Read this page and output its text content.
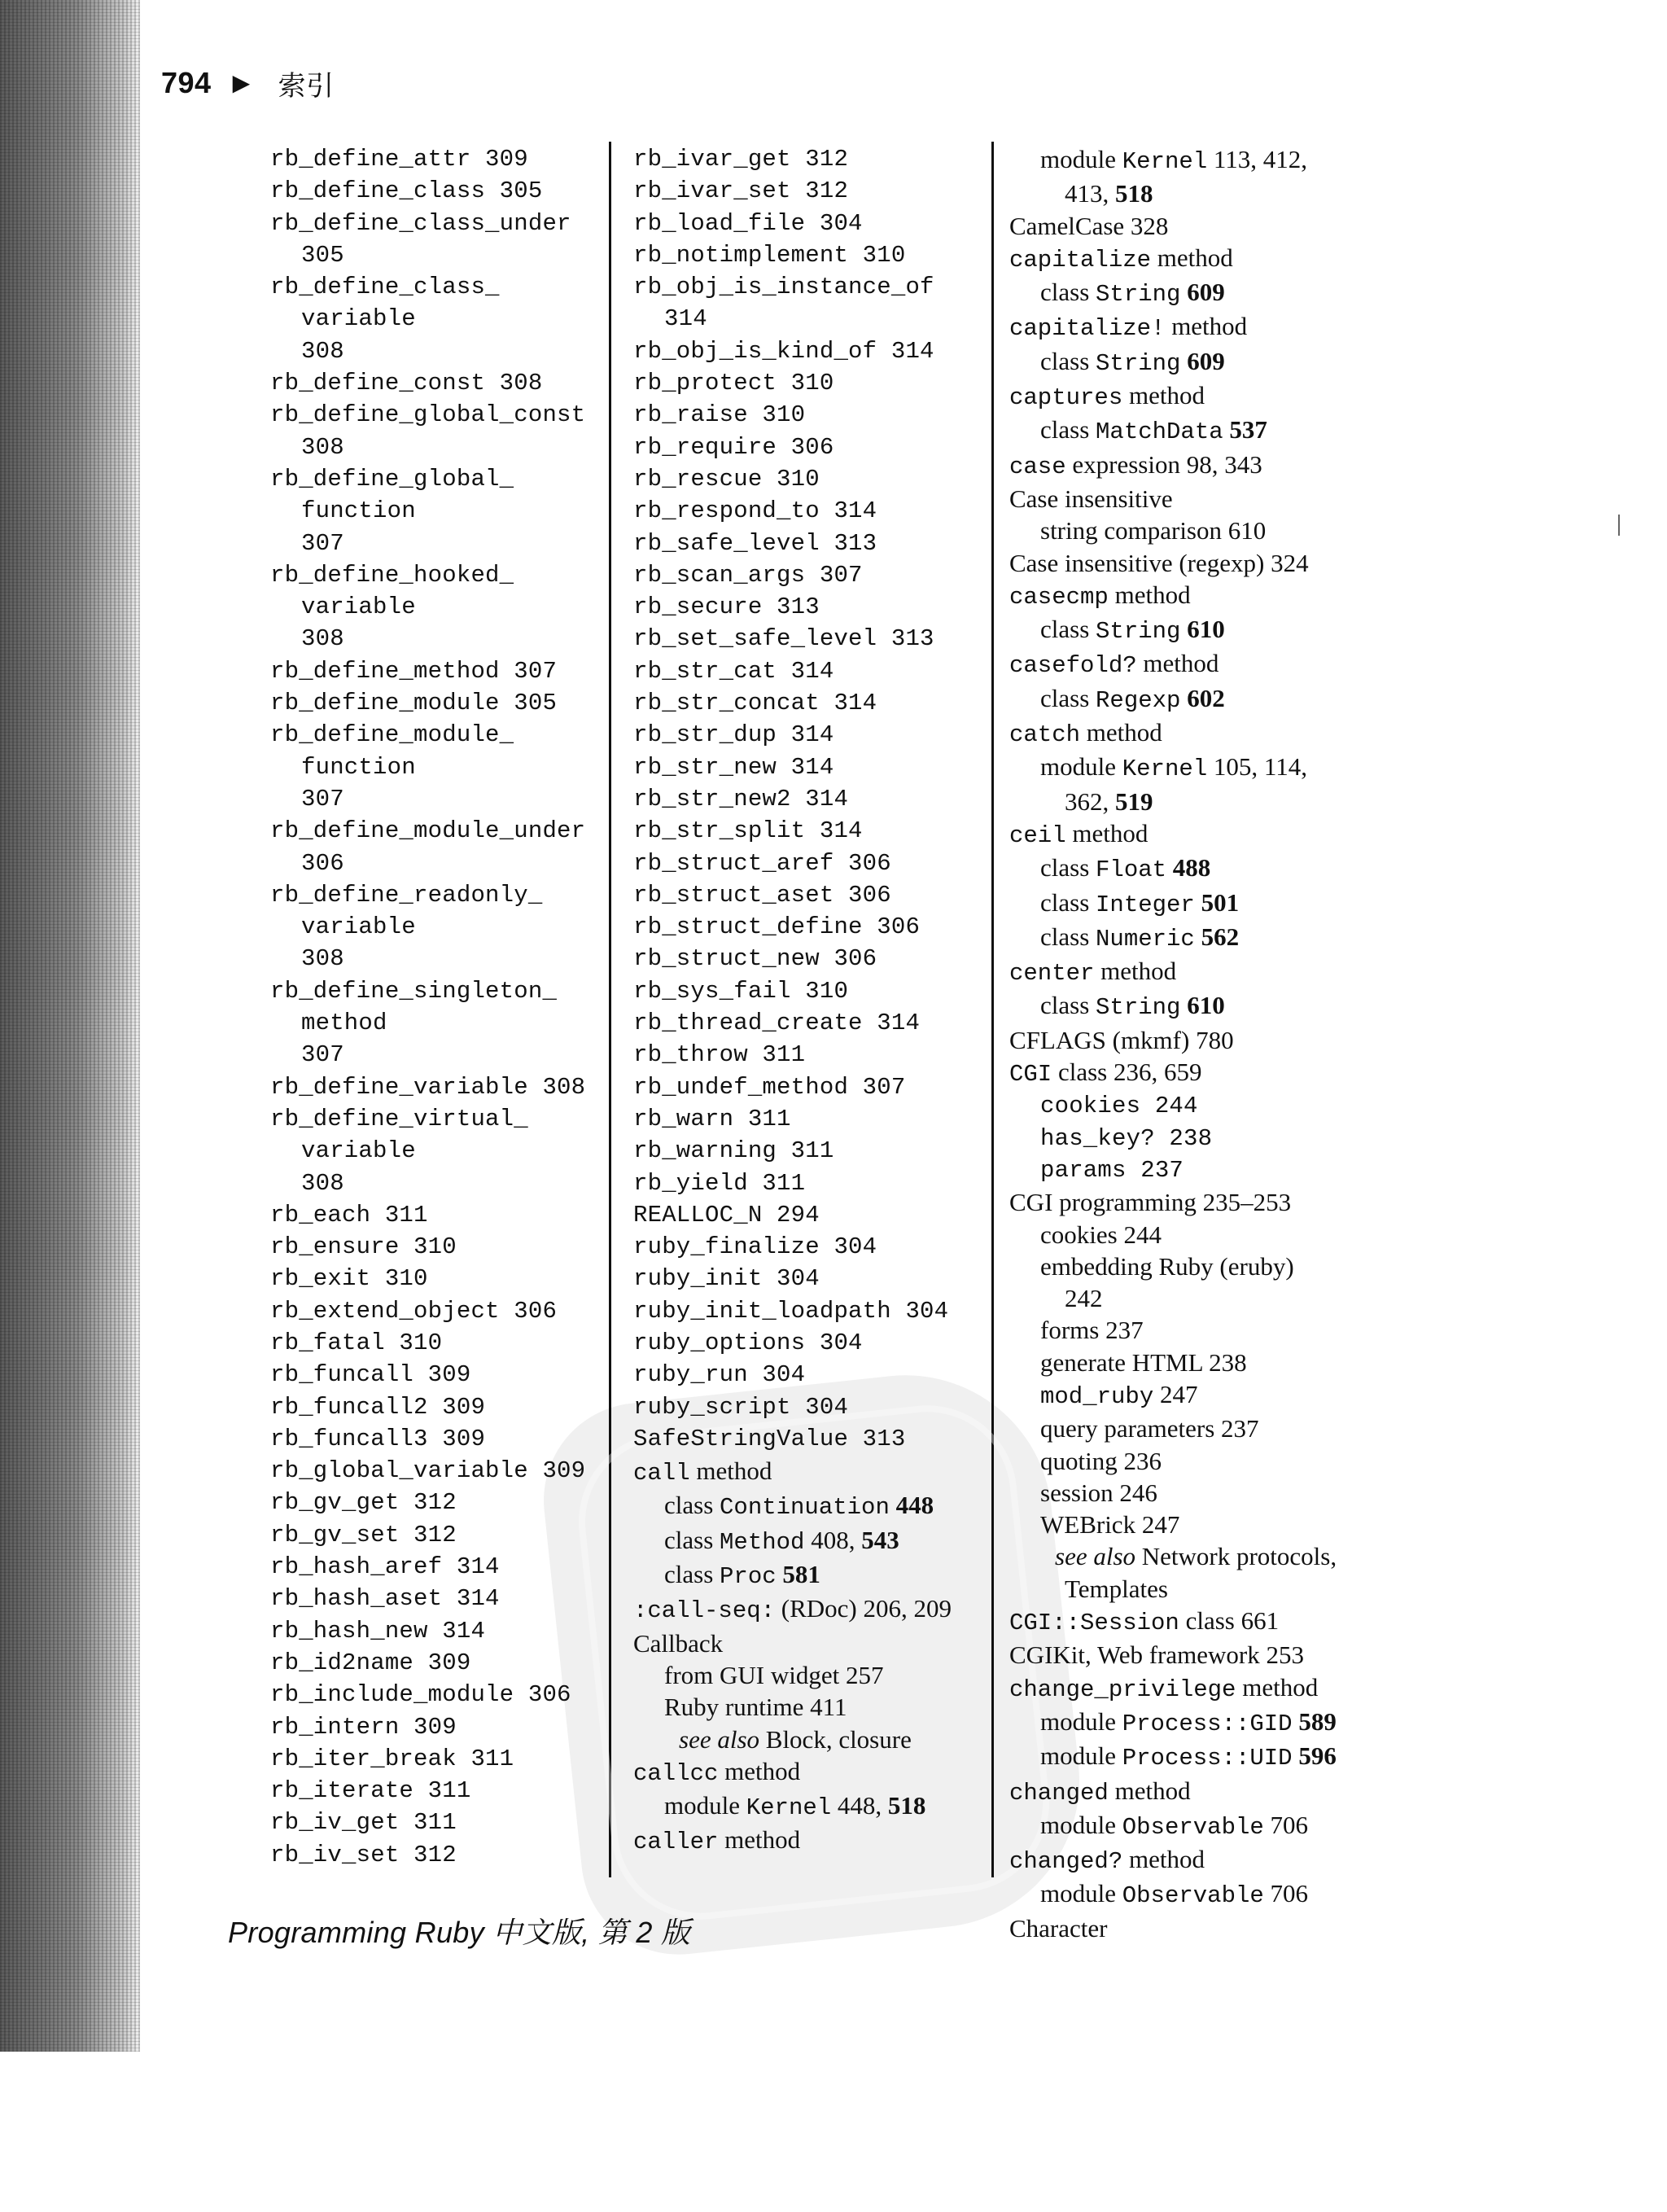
794 ▶ 索引
rb_define_attr 309
rb_define_class 305
rb_define_class_under
305
rb_define_class_
variable
308
rb_define_const 308
rb_define_global_const
308
rb_define_global_
function
307
rb_define_hooked_
variable
308
rb_define_method 307
rb_define_module 305
rb_define_module_
function
307
rb_define_module_under
306
rb_define_readonly_
variable
308
rb_define_singleton_
method
307
rb_define_variable 308
rb_define_virtual_
variable
308
rb_each 311
rb_ensure 310
rb_exit 310
rb_extend_object 306
rb_fatal 310
rb_funcall 309
rb_funcall2 309
rb_funcall3 309
rb_global_variable 309
rb_gv_get 312
rb_gv_set 312
rb_hash_aref 314
rb_hash_aset 314
rb_hash_new 314
rb_id2name 309
rb_include_module 306
rb_intern 309
rb_iter_break 311
rb_iterate 311
rb_iv_get 311
rb_iv_set 312
rb_ivar_get 312
rb_ivar_set 312
rb_load_file 304
rb_notimplement 310
rb_obj_is_instance_of
314
rb_obj_is_kind_of 314
rb_protect 310
rb_raise 310
rb_require 306
rb_rescue 310
rb_respond_to 314
rb_safe_level 313
rb_scan_args 307
rb_secure 313
rb_set_safe_level 313
rb_str_cat 314
rb_str_concat 314
rb_str_dup 314
rb_str_new 314
rb_str_new2 314
rb_str_split 314
rb_struct_aref 306
rb_struct_aset 306
rb_struct_define 306
rb_struct_new 306
rb_sys_fail 310
rb_thread_create 314
rb_throw 311
rb_undef_method 307
rb_warn 311
rb_warning 311
rb_yield 311
REALLOC_N 294
ruby_finalize 304
ruby_init 304
ruby_init_loadpath 304
ruby_options 304
ruby_run 304
ruby_script 304
SafeStringValue 313
call method
class Continuation 448
class Method 408, 543
class Proc 581
:call-seq: (RDoc) 206, 209
Callback
from GUI widget 257
Ruby runtime 411
see also Block, closure
callcc method
module Kernel 448, 518
caller method
module Kernel 113, 412,
413, 518
CamelCase 328
capitalize method
class String 609
capitalize! method
class String 609
captures method
class MatchData 537
case expression 98, 343
Case insensitive
string comparison 610
Case insensitive (regexp) 324
casecmp method
class String 610
casefold? method
class Regexp 602
catch method
module Kernel 105, 114,
362, 519
ceil method
class Float 488
class Integer 501
class Numeric 562
center method
class String 610
CFLAGS (mkmf) 780
CGI class 236, 659
cookies 244
has_key? 238
params 237
CGI programming 235–253
cookies 244
embedding Ruby (eruby)
242
forms 237
generate HTML 238
mod_ruby 247
query parameters 237
quoting 236
session 246
WEBrick 247
see also Network protocols,
Templates
CGI::Session class 661
CGIKit, Web framework 253
change_privilege method
module Process::GID 589
module Process::UID 596
changed method
module Observable 706
changed? method
module Observable 706
Character
Programming Ruby 中文版, 第 2 版
